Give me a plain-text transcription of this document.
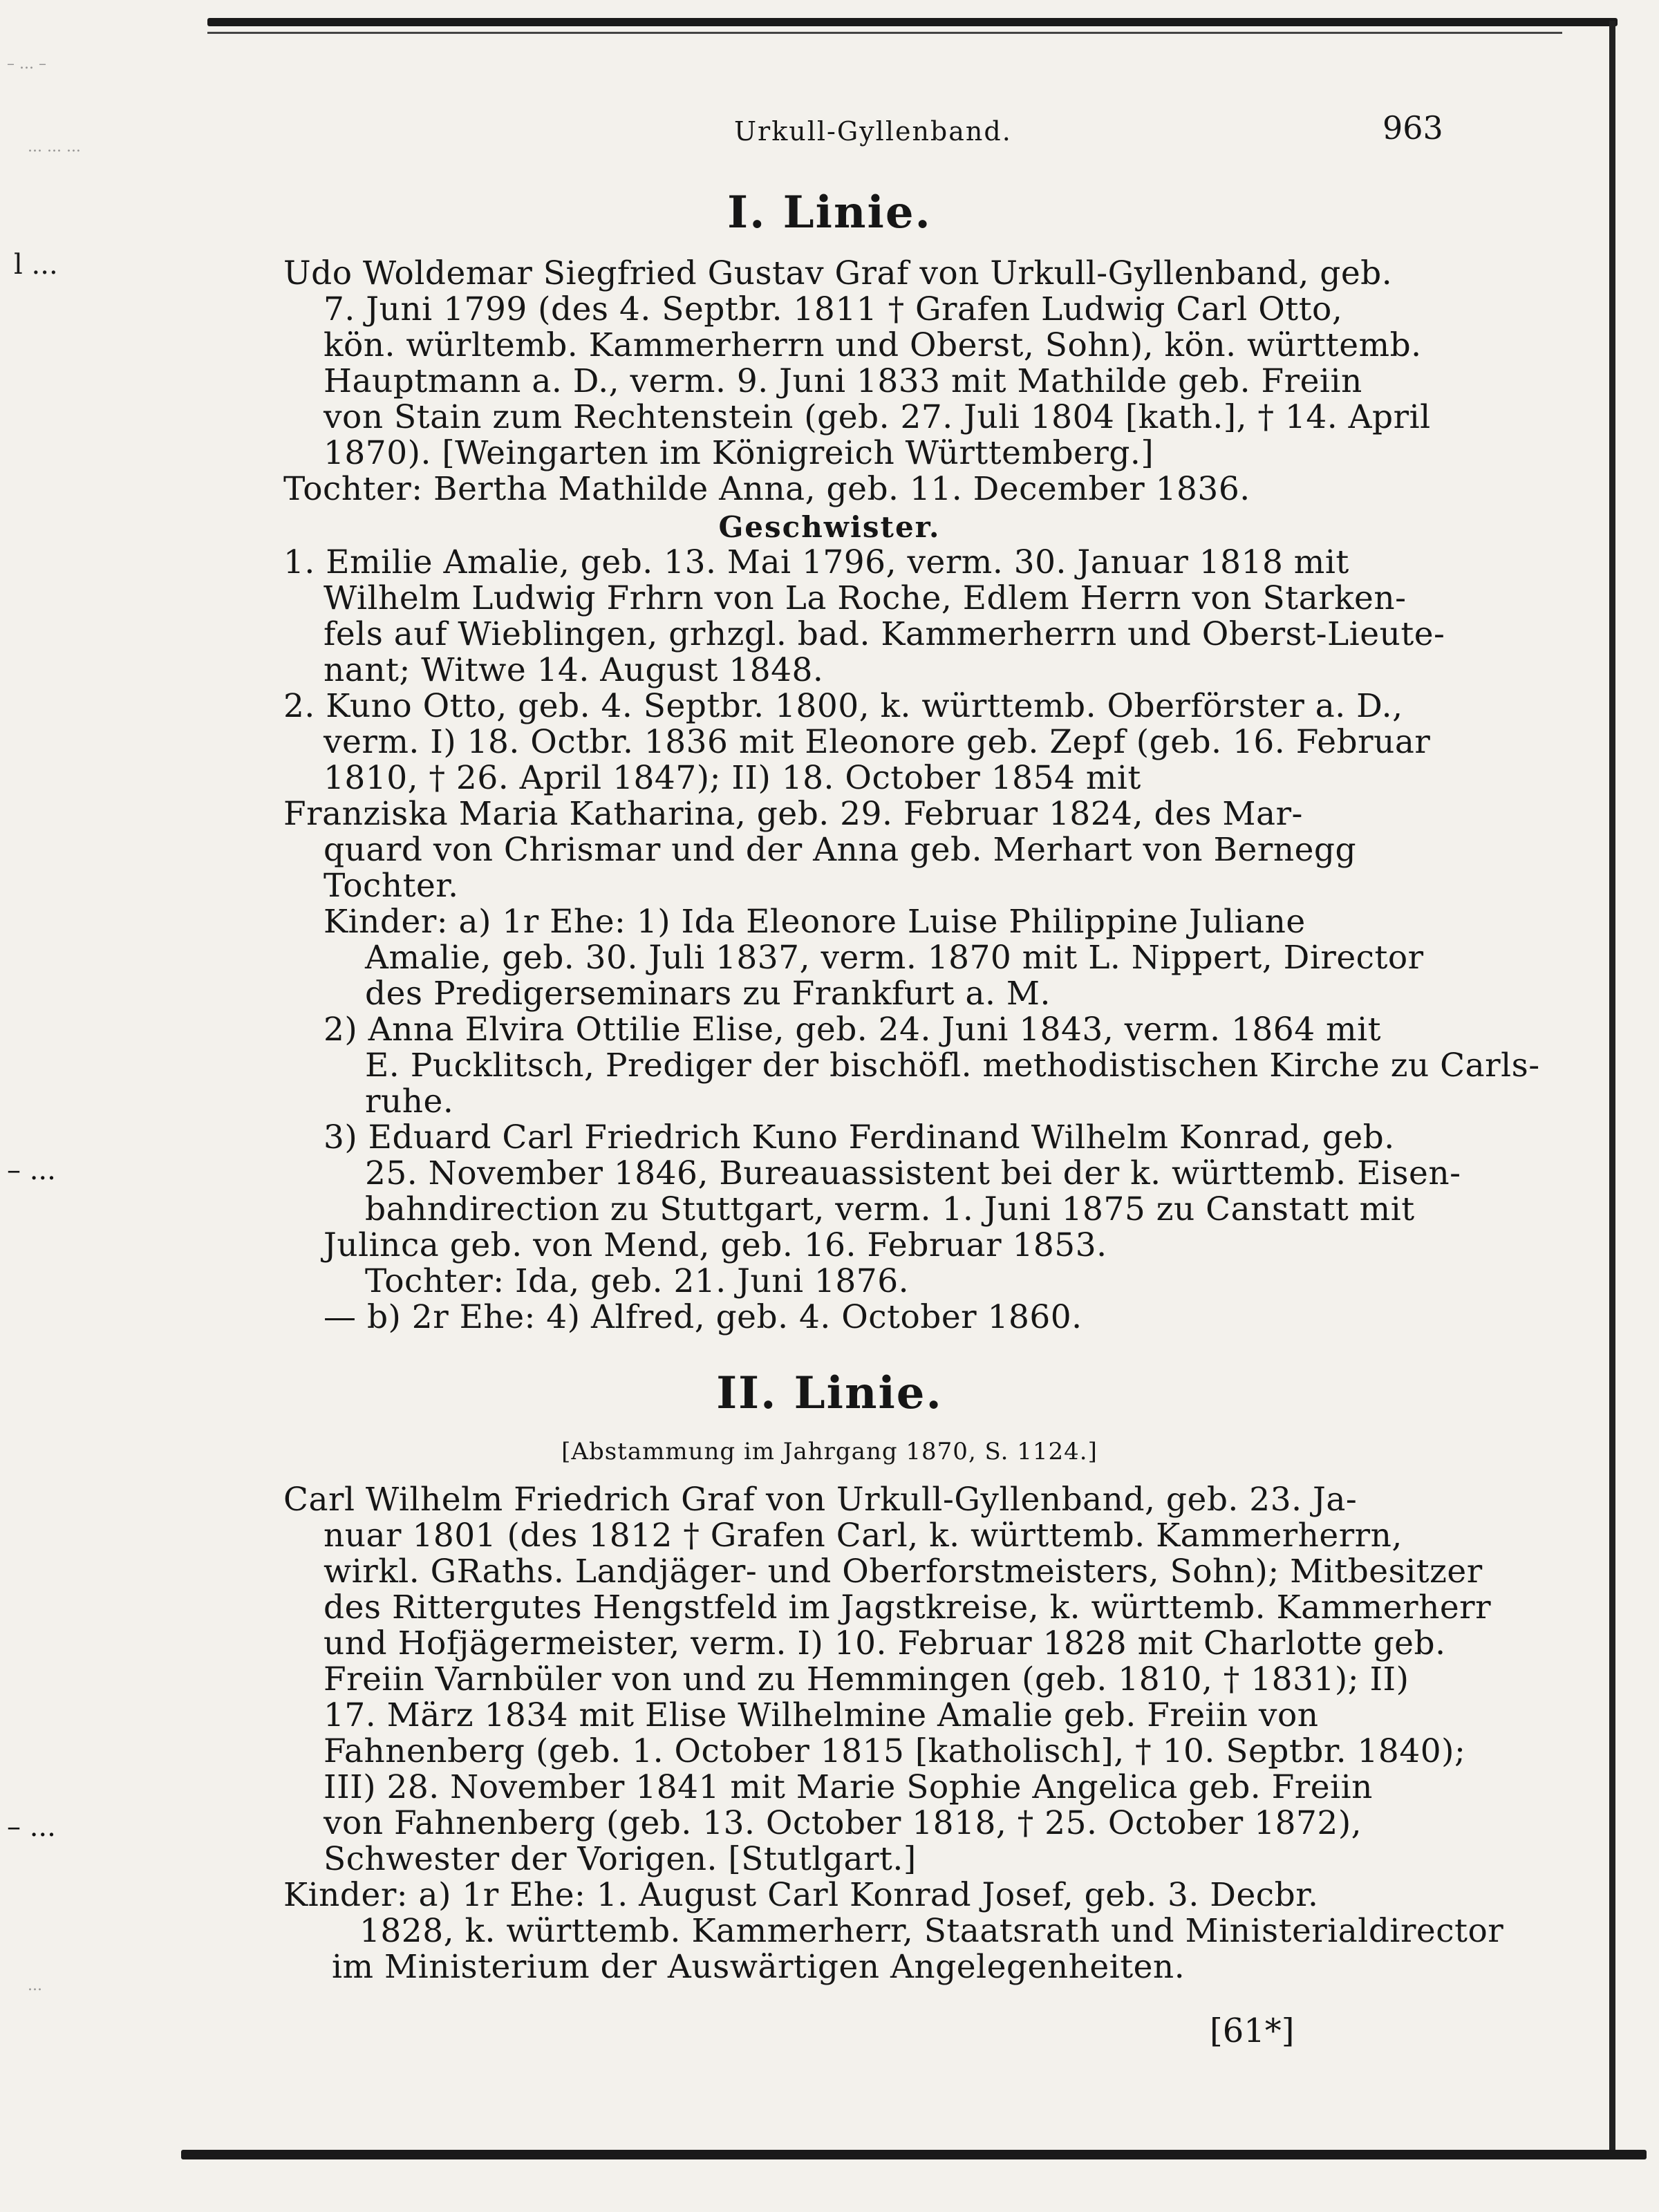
– ... –
... ... ...
l ...
– ...
– ...
...
Urkull-Gyllenband.	963
I. Linie.
Udo Woldemar Siegfried Gustav Graf von Urkull-Gyllenband, geb.
7. Juni 1799 (des 4. Septbr. 1811 † Grafen Ludwig Carl Otto,
kön. würltemb. Kammerherrn und Oberst, Sohn), kön. württemb.
Hauptmann a. D., verm. 9. Juni 1833 mit Mathilde geb. Freiin
von Stain zum Rechtenstein (geb. 27. Juli 1804 [kath.], † 14. April
1870). [Weingarten im Königreich Württemberg.]
Tochter: Bertha Mathilde Anna, geb. 11. December 1836.
Geschwister.
1. Emilie Amalie, geb. 13. Mai 1796, verm. 30. Januar 1818 mit
Wilhelm Ludwig Frhrn von La Roche, Edlem Herrn von Starken-
fels auf Wieblingen, grhzgl. bad. Kammerherrn und Oberst-Lieute-
nant; Witwe 14. August 1848.
2. Kuno Otto, geb. 4. Septbr. 1800, k. württemb. Oberförster a. D.,
verm. I) 18. Octbr. 1836 mit Eleonore geb. Zepf (geb. 16. Februar
1810, † 26. April 1847); II) 18. October 1854 mit
Franziska Maria Katharina, geb. 29. Februar 1824, des Mar-
quard von Chrismar und der Anna geb. Merhart von Bernegg
Tochter.
Kinder: a) 1r Ehe: 1) Ida Eleonore Luise Philippine Juliane
Amalie, geb. 30. Juli 1837, verm. 1870 mit L. Nippert, Director
des Predigerseminars zu Frankfurt a. M.
2) Anna Elvira Ottilie Elise, geb. 24. Juni 1843, verm. 1864 mit
E. Pucklitsch, Prediger der bischöfl. methodistischen Kirche zu Carls-
ruhe.
3) Eduard Carl Friedrich Kuno Ferdinand Wilhelm Konrad, geb.
25. November 1846, Bureauassistent bei der k. württemb. Eisen-
bahndirection zu Stuttgart, verm. 1. Juni 1875 zu Canstatt mit
Julinca geb. von Mend, geb. 16. Februar 1853.
Tochter: Ida, geb. 21. Juni 1876.
— b) 2r Ehe: 4) Alfred, geb. 4. October 1860.
II. Linie.
[Abstammung im Jahrgang 1870, S. 1124.]
Carl Wilhelm Friedrich Graf von Urkull-Gyllenband, geb. 23. Ja-
nuar 1801 (des 1812 † Grafen Carl, k. württemb. Kammerherrn,
wirkl. GRaths. Landjäger- und Oberforstmeisters, Sohn); Mitbesitzer
des Rittergutes Hengstfeld im Jagstkreise, k. württemb. Kammerherr
und Hofjägermeister, verm. I) 10. Februar 1828 mit Charlotte geb.
Freiin Varnbüler von und zu Hemmingen (geb. 1810, † 1831); II)
17. März 1834 mit Elise Wilhelmine Amalie geb. Freiin von
Fahnenberg (geb. 1. October 1815 [katholisch], † 10. Septbr. 1840);
III) 28. November 1841 mit Marie Sophie Angelica geb. Freiin
von Fahnenberg (geb. 13. October 1818, † 25. October 1872),
Schwester der Vorigen. [Stutlgart.]
Kinder: a) 1r Ehe: 1. August Carl Konrad Josef, geb. 3. Decbr.
1828, k. württemb. Kammerherr, Staatsrath und Ministerialdirector
im Ministerium der Auswärtigen Angelegenheiten.
[61*]
